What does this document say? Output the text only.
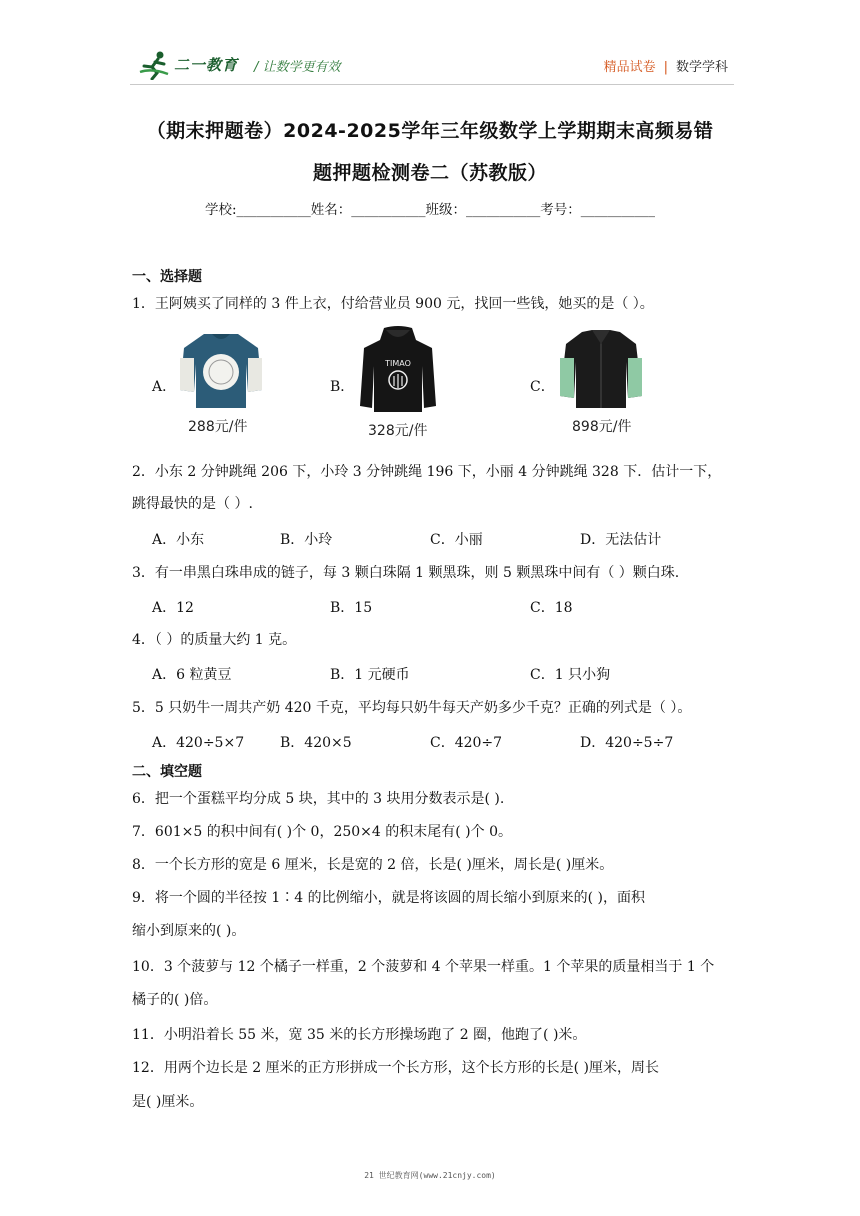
二一教育 / 让数学更有效	精品试卷 | 数学学科
（期末押题卷）2024-2025学年三年级数学上学期期末高频易错
题押题检测卷二（苏教版）
学校:___________姓名：___________班级：___________考号：___________
一、选择题
1．王阿姨买了同样的 3 件上衣，付给营业员 900 元，找回一些钱，她买的是（ ）。
A．
288元/件
B．
TIMAO
328元/件
C．
898元/件
2．小东 2 分钟跳绳 206 下，小玲 3 分钟跳绳 196 下，小丽 4 分钟跳绳 328 下．估计一下，
跳得最快的是（ ）.
A．小东	B．小玲	C．小丽	D．无法估计
3．有一串黑白珠串成的链子，每 3 颗白珠隔 1 颗黑珠，则 5 颗黑珠中间有（ ）颗白珠.
A．12	B．15	C．18
4．（ ）的质量大约 1 克。
A．6 粒黄豆	B．1 元硬币	C．1 只小狗
5．5 只奶牛一周共产奶 420 千克，平均每只奶牛每天产奶多少千克？正确的列式是（ ）。
A．420÷5×7	B．420×5	C．420÷7	D．420÷5÷7
二、填空题
6．把一个蛋糕平均分成 5 块，其中的 3 块用分数表示是( ).
7．601×5 的积中间有( )个 0，250×4 的积末尾有( )个 0。
8．一个长方形的宽是 6 厘米，长是宽的 2 倍，长是( )厘米，周长是( )厘米。
9．将一个圆的半径按 1∶4 的比例缩小，就是将该圆的周长缩小到原来的( )，面积
缩小到原来的( )。
10．3 个菠萝与 12 个橘子一样重，2 个菠萝和 4 个苹果一样重。1 个苹果的质量相当于 1 个
橘子的( )倍。
11．小明沿着长 55 米，宽 35 米的长方形操场跑了 2 圈，他跑了( )米。
12．用两个边长是 2 厘米的正方形拼成一个长方形，这个长方形的长是( )厘米，周长
是( )厘米。
21 世纪教育网(www.21cnjy.com)
